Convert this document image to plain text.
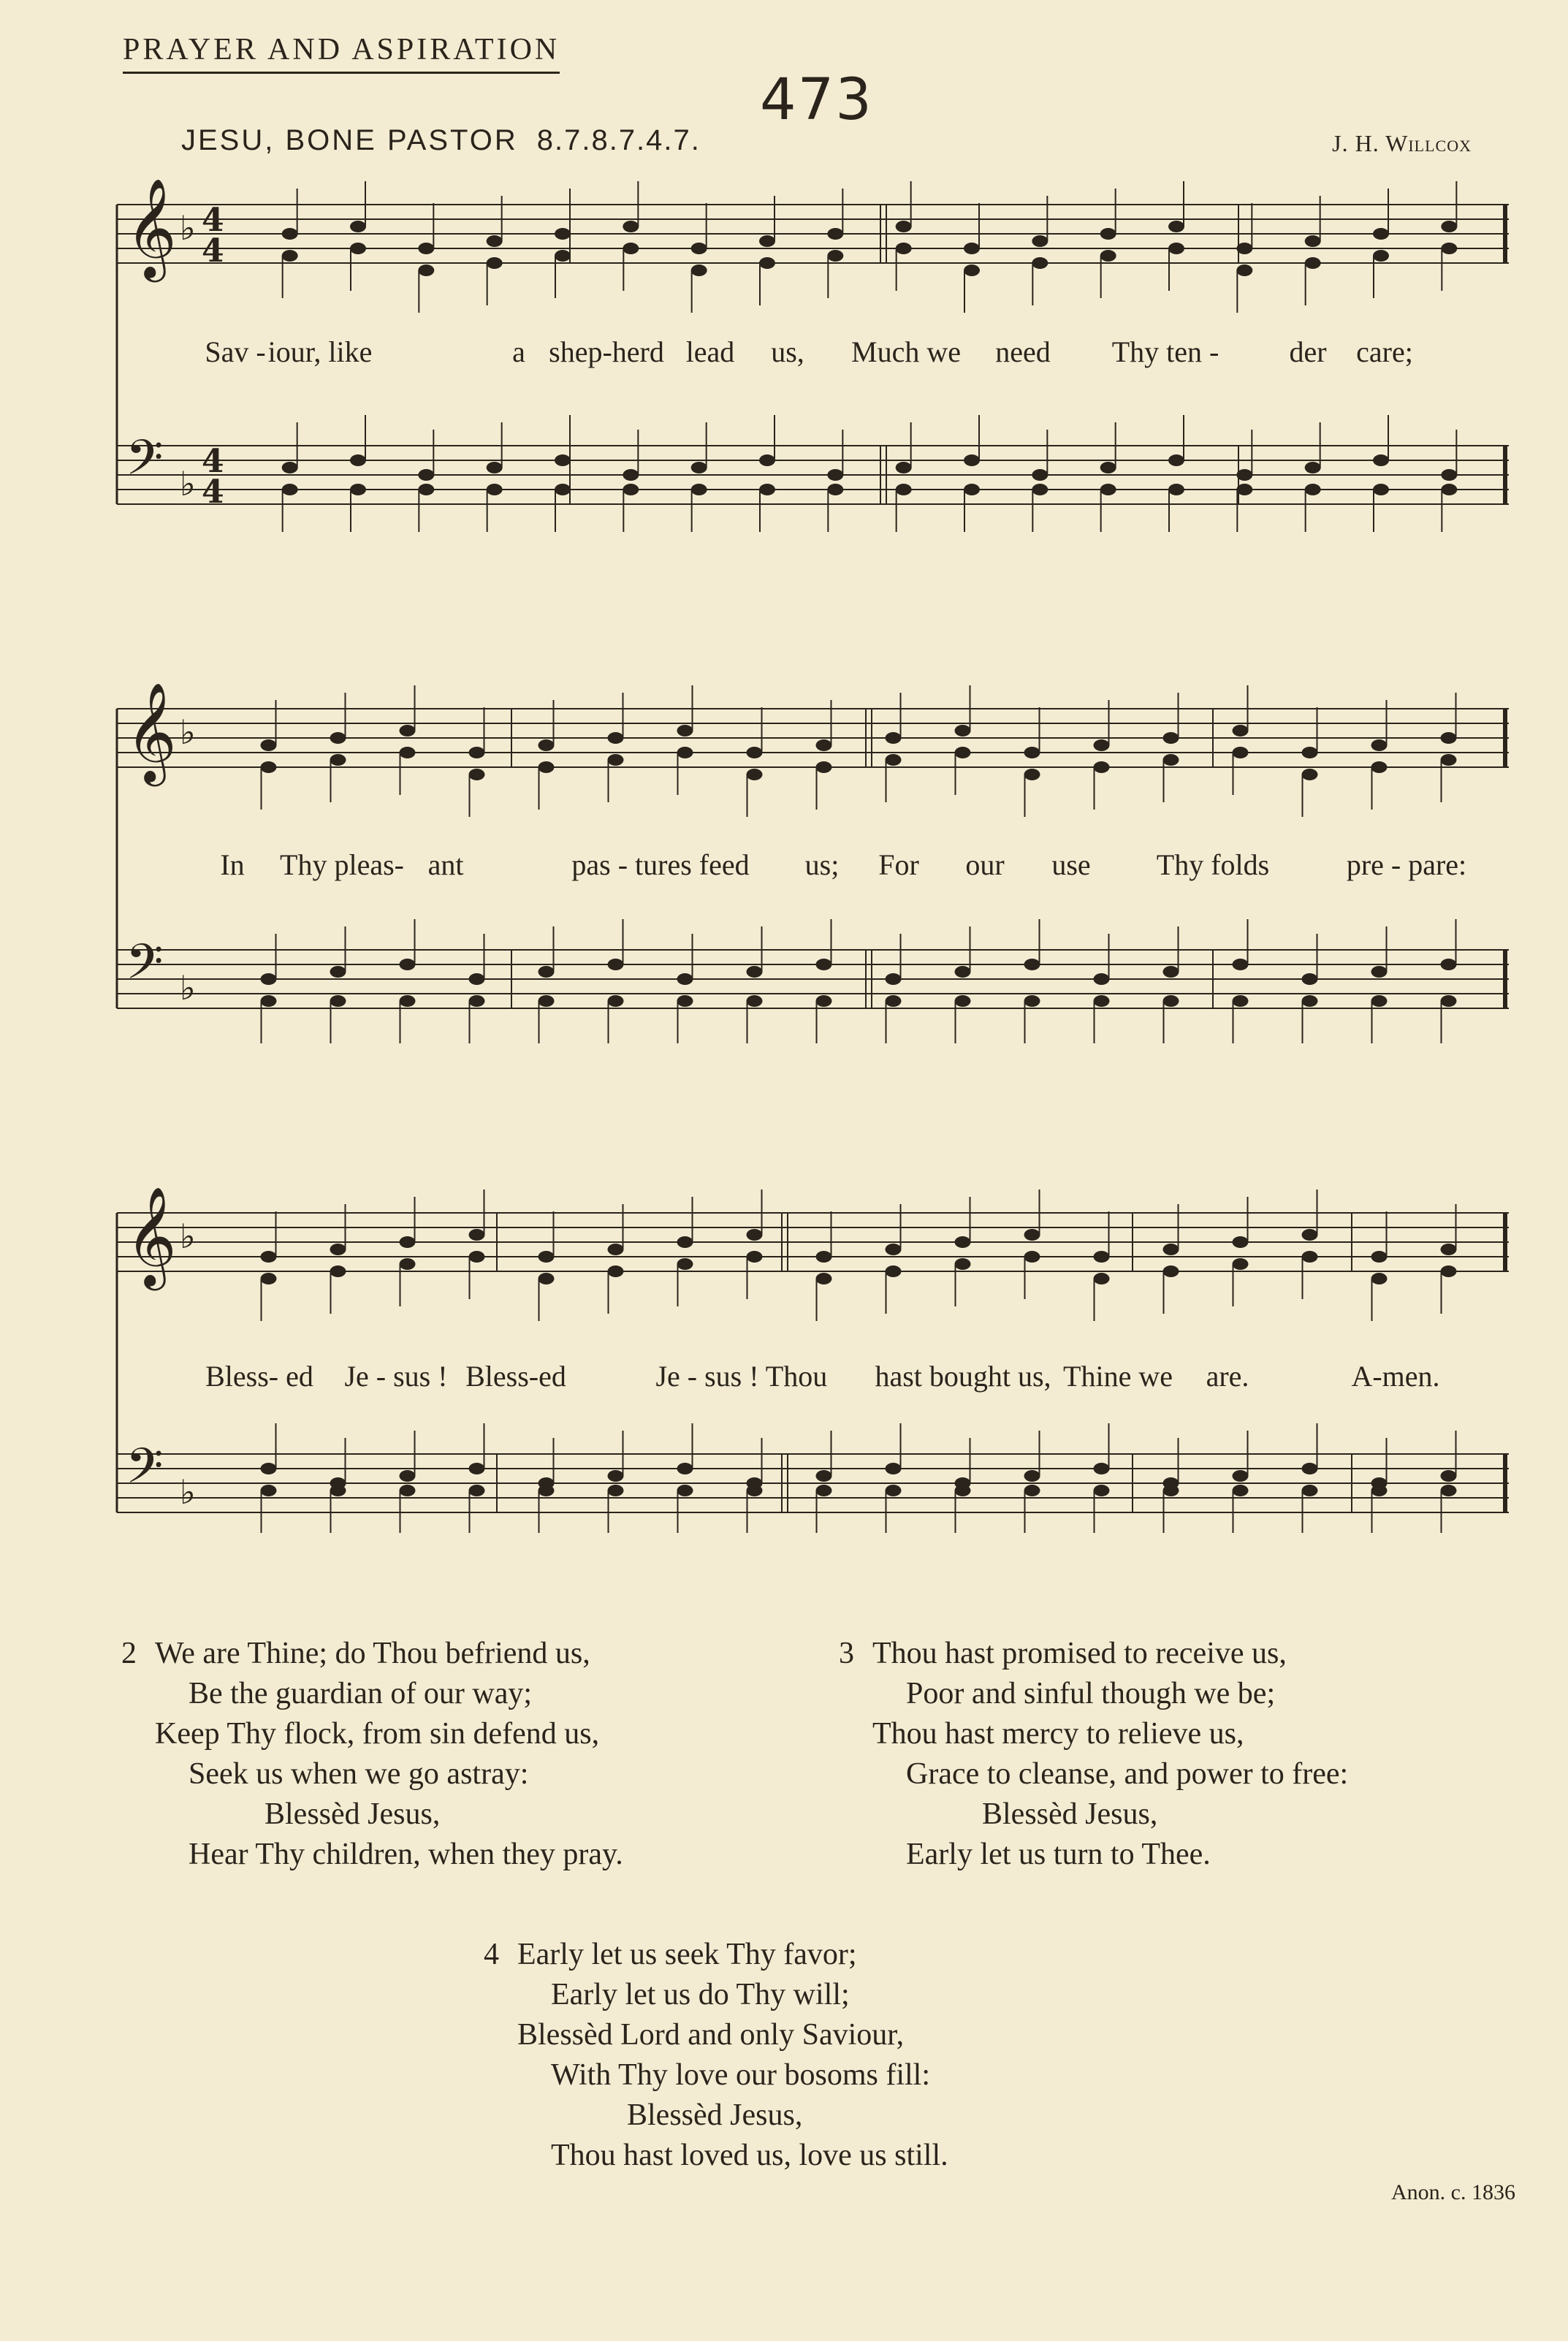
PRAYER AND ASPIRATION
473
JESU, BONE PASTOR 8.7.8.7.4.7.	J. H. Willcox
𝄞 ♭ 4
4
𝄢 ♭
4
4
Sav - iour, like	a shep-herd lead us, Much we need Thy ten - der care;
𝄞 ♭
𝄢 ♭
In Thy pleas- ant	pas - tures feed us; For our use Thy folds	pre - pare:
𝄞 ♭
𝄢 ♭
Bless- ed Je - sus ! Bless-ed	Je - sus ! Thou hast bought us, Thine we are.	A-men.
2 We are Thine; do Thou befriend us,
Be the guardian of our way;
Keep Thy flock, from sin defend us,
Seek us when we go astray:
Blessèd Jesus,
Hear Thy children, when they pray.
3 Thou hast promised to receive us,
Poor and sinful though we be;
Thou hast mercy to relieve us,
Grace to cleanse, and power to free:
Blessèd Jesus,
Early let us turn to Thee.
4 Early let us seek Thy favor;
Early let us do Thy will;
Blessèd Lord and only Saviour,
With Thy love our bosoms fill:
Blessèd Jesus,
Thou hast loved us, love us still.
Anon. c. 1836
